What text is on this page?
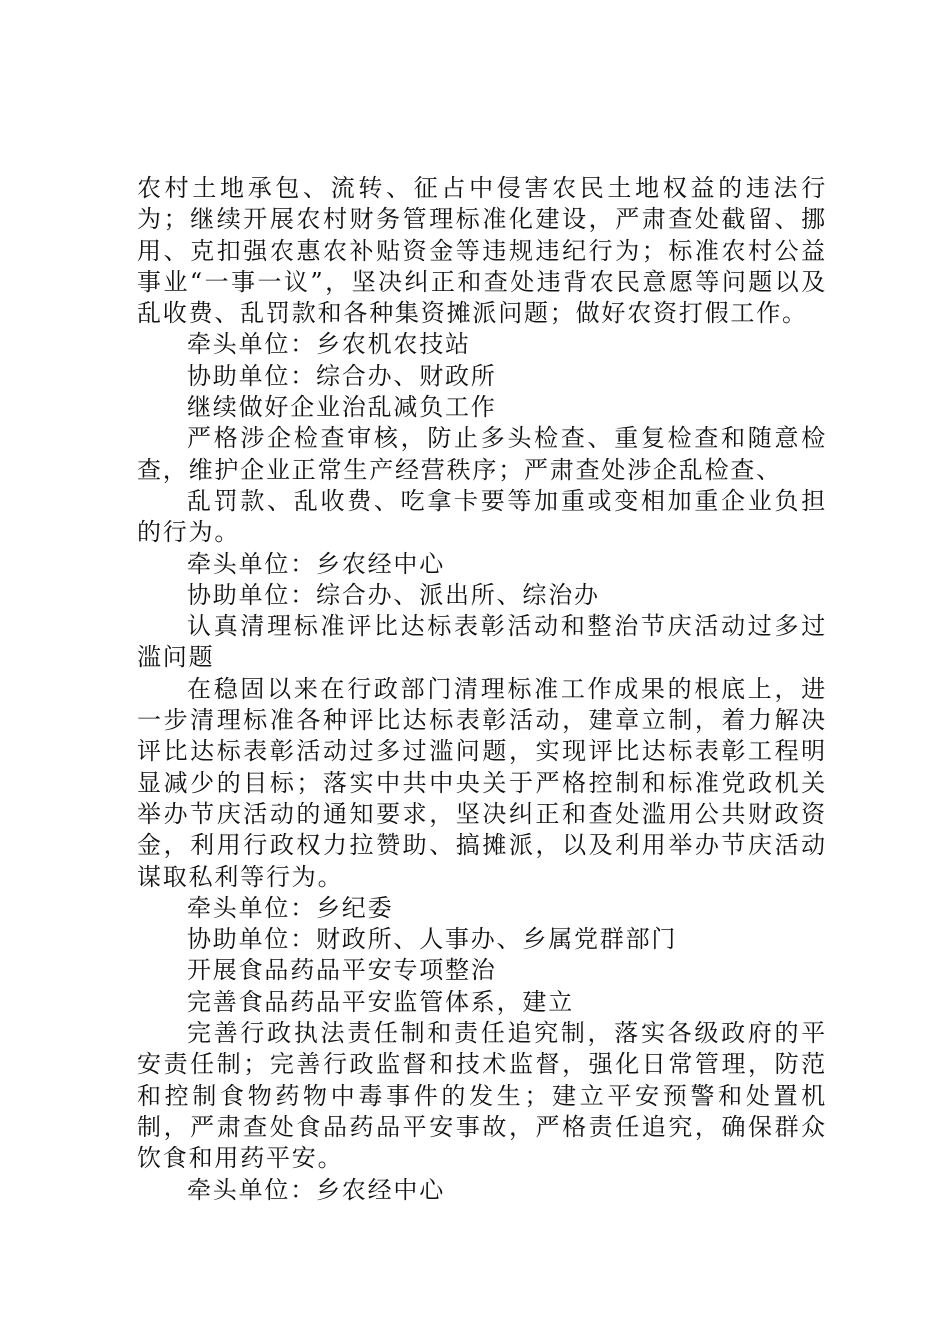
农村土地承包、流转、征占中侵害农民土地权益的违法行为；继续开展农村财务管理标准化建设，严肃查处截留、挪用、克扣强农惠农补贴资金等违规违纪行为；标准农村公益事业“一事一议”，坚决纠正和查处违背农民意愿等问题以及乱收费、乱罚款和各种集资摊派问题；做好农资打假工作。

牵头单位：乡农机农技站

协助单位：综合办、财政所

继续做好企业治乱减负工作

严格涉企检查审核，防止多头检查、重复检查和随意检查，维护企业正常生产经营秩序；严肃查处涉企乱检查、

乱罚款、乱收费、吃拿卡要等加重或变相加重企业负担的行为。

牵头单位：乡农经中心

协助单位：综合办、派出所、综治办

认真清理标准评比达标表彰活动和整治节庆活动过多过滥问题

在稳固以来在行政部门清理标准工作成果的根底上，进一步清理标准各种评比达标表彰活动，建章立制，着力解决评比达标表彰活动过多过滥问题，实现评比达标表彰工程明显减少的目标；落实中共中央关于严格控制和标准党政机关举办节庆活动的通知要求，坚决纠正和查处滥用公共财政资金，利用行政权力拉赞助、搞摊派，以及利用举办节庆活动谋取私利等行为。

牵头单位：乡纪委

协助单位：财政所、人事办、乡属党群部门

开展食品药品平安专项整治

完善食品药品平安监管体系，建立

完善行政执法责任制和责任追究制，落实各级政府的平安责任制；完善行政监督和技术监督，强化日常管理，防范和控制食物药物中毒事件的发生；建立平安预警和处置机制，严肃查处食品药品平安事故，严格责任追究，确保群众饮食和用药平安。

牵头单位：乡农经中心
